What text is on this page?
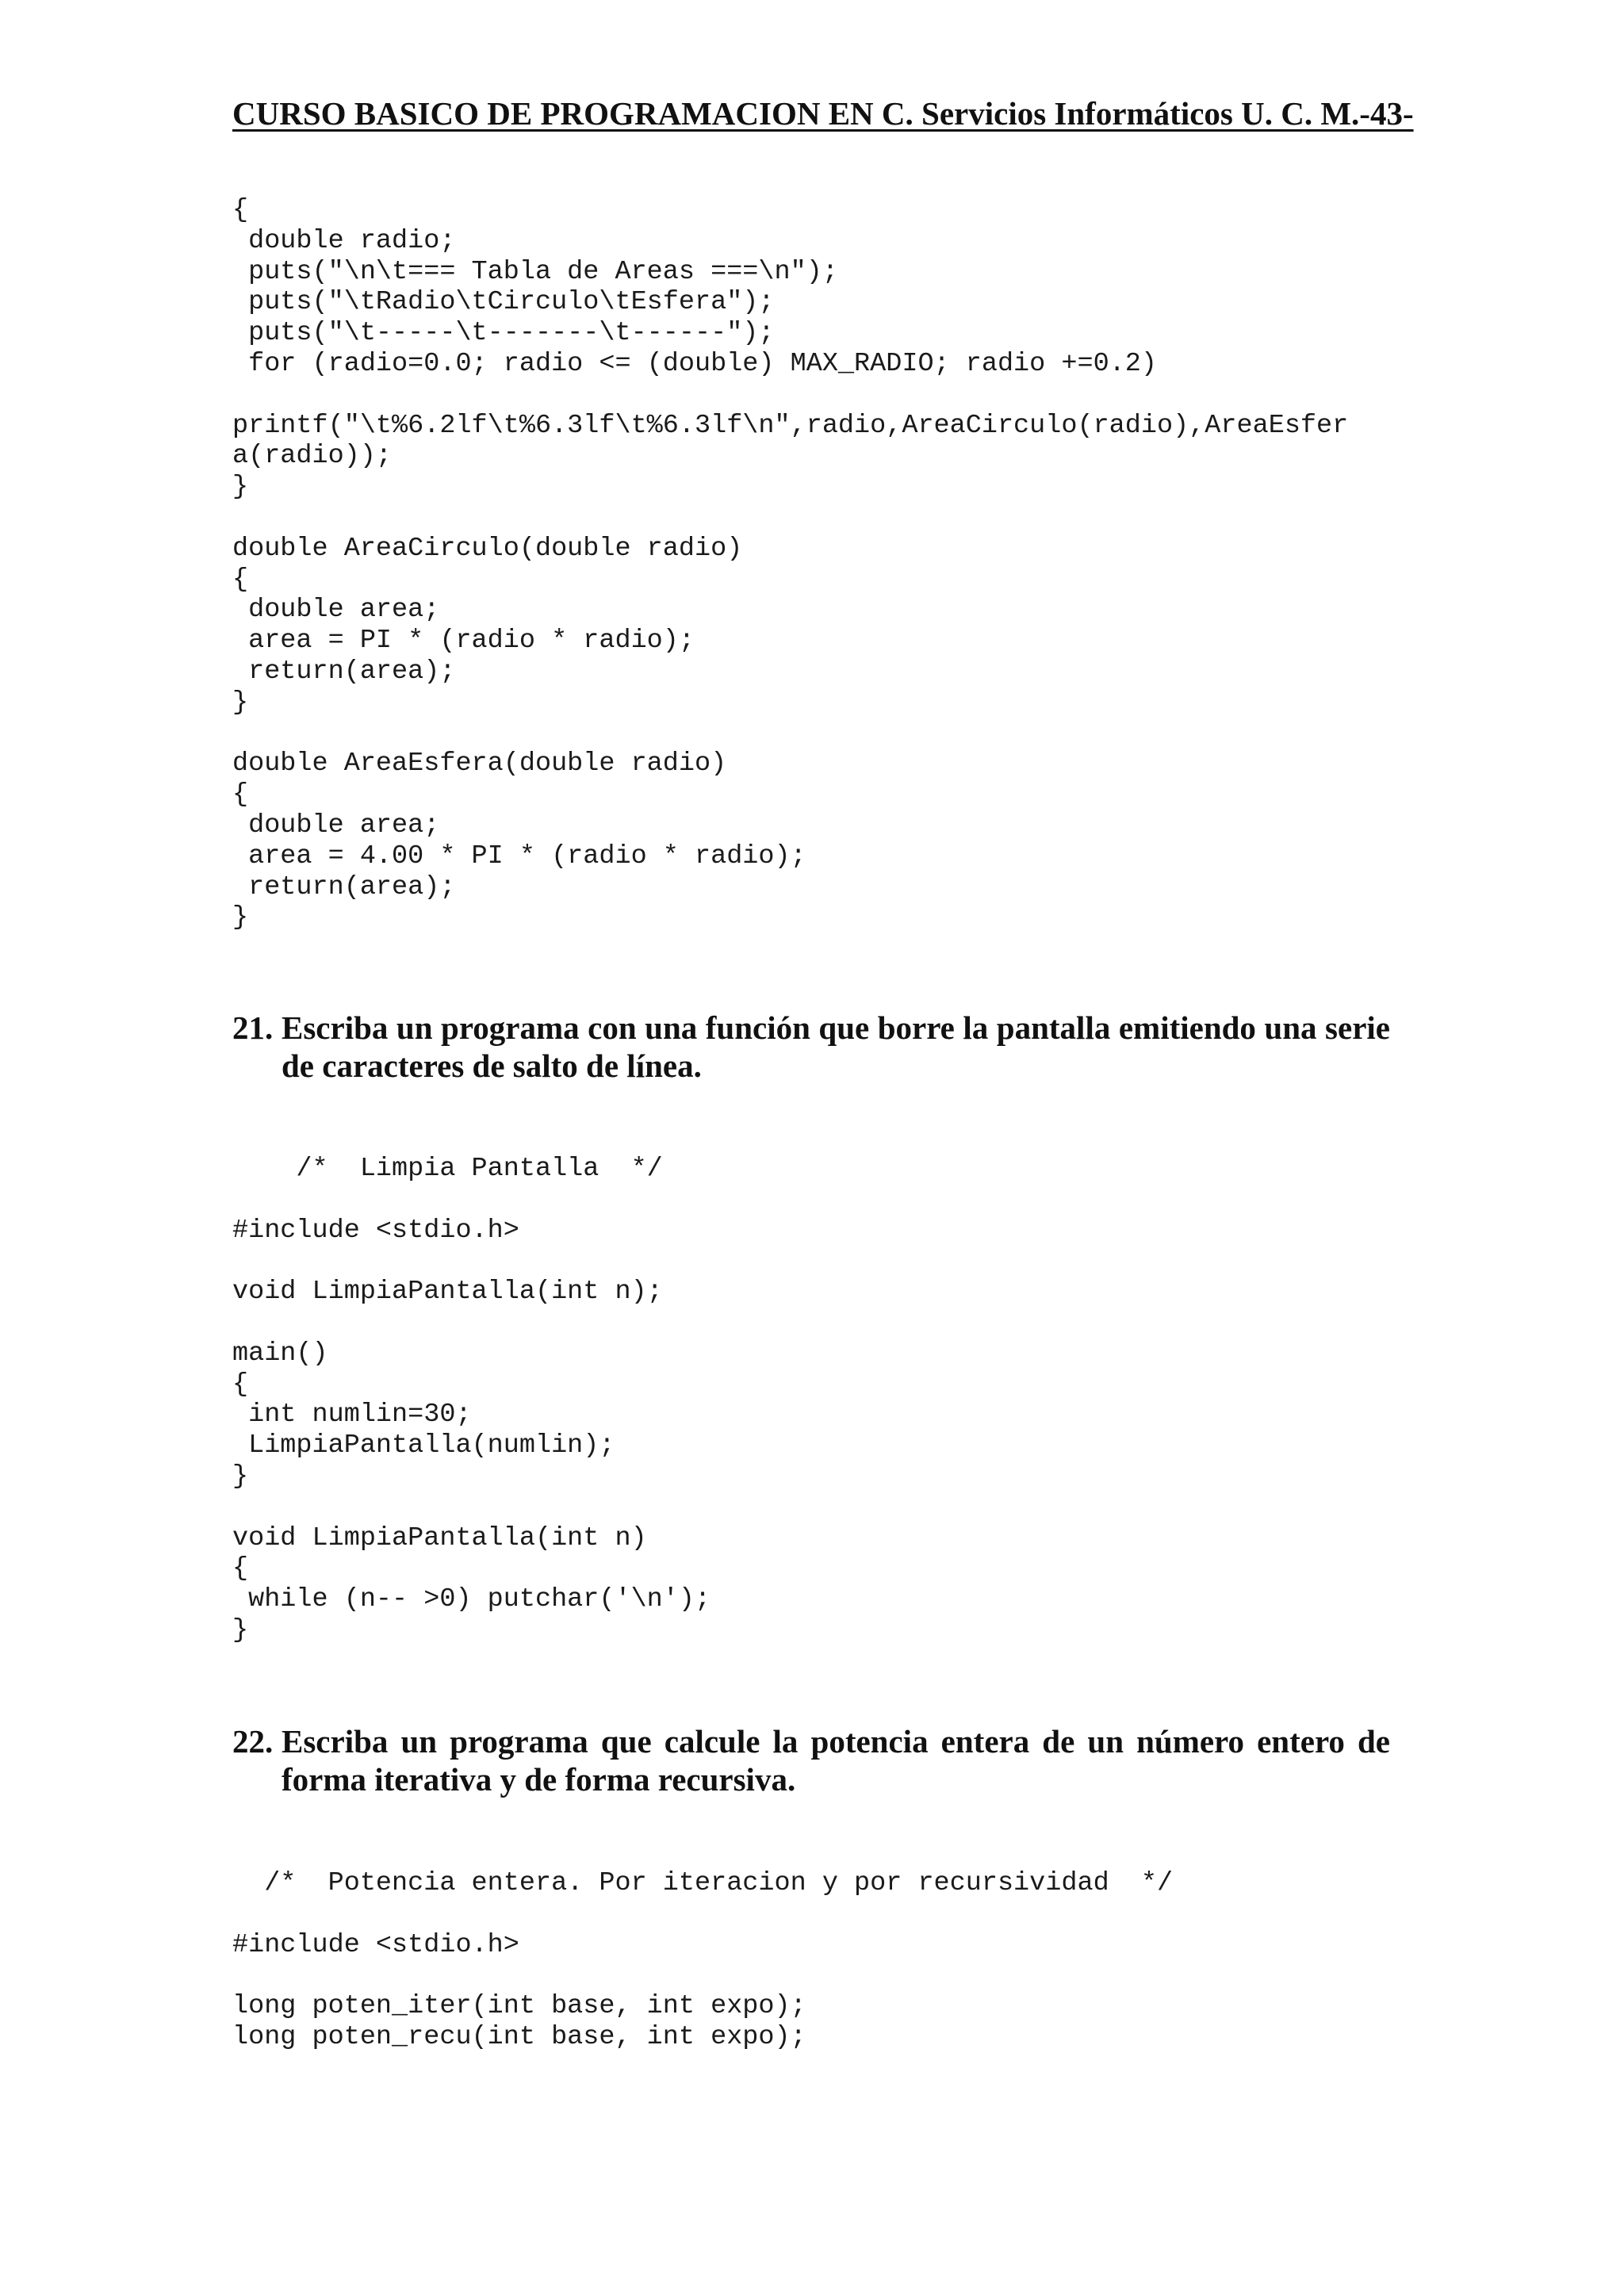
CURSO BASICO DE PROGRAMACION EN C. Servicios Informáticos U. C. M.-43-
{
double radio;
puts("\n\t=== Tabla de Areas ===\n");
puts("\tRadio\tCirculo\tEsfera");
puts("\t-----\t-------\t------");
for (radio=0.0; radio <= (double) MAX_RADIO; radio +=0.2)
printf("\t%6.2lf\t%6.3lf\t%6.3lf\n",radio,AreaCirculo(radio),AreaEsfer
a(radio));
}
double AreaCirculo(double radio)
{
double area;
area = PI * (radio * radio);
return(area);
}
double AreaEsfera(double radio)
{
double area;
area = 4.00 * PI * (radio * radio);
return(area);
}
21. Escriba un programa con una función que borre la pantalla emitiendo una serie de caracteres de salto de línea.
/*  Limpia Pantalla  */
#include <stdio.h>
void LimpiaPantalla(int n);
main()
{
int numlin=30;
LimpiaPantalla(numlin);
}
void LimpiaPantalla(int n)
{
while (n-- >0) putchar('\n');
}
22. Escriba un programa que calcule la potencia entera de un número entero de forma iterativa y de forma recursiva.
/*  Potencia entera. Por iteracion y por recursividad  */
#include <stdio.h>
long poten_iter(int base, int expo);
long poten_recu(int base, int expo);
